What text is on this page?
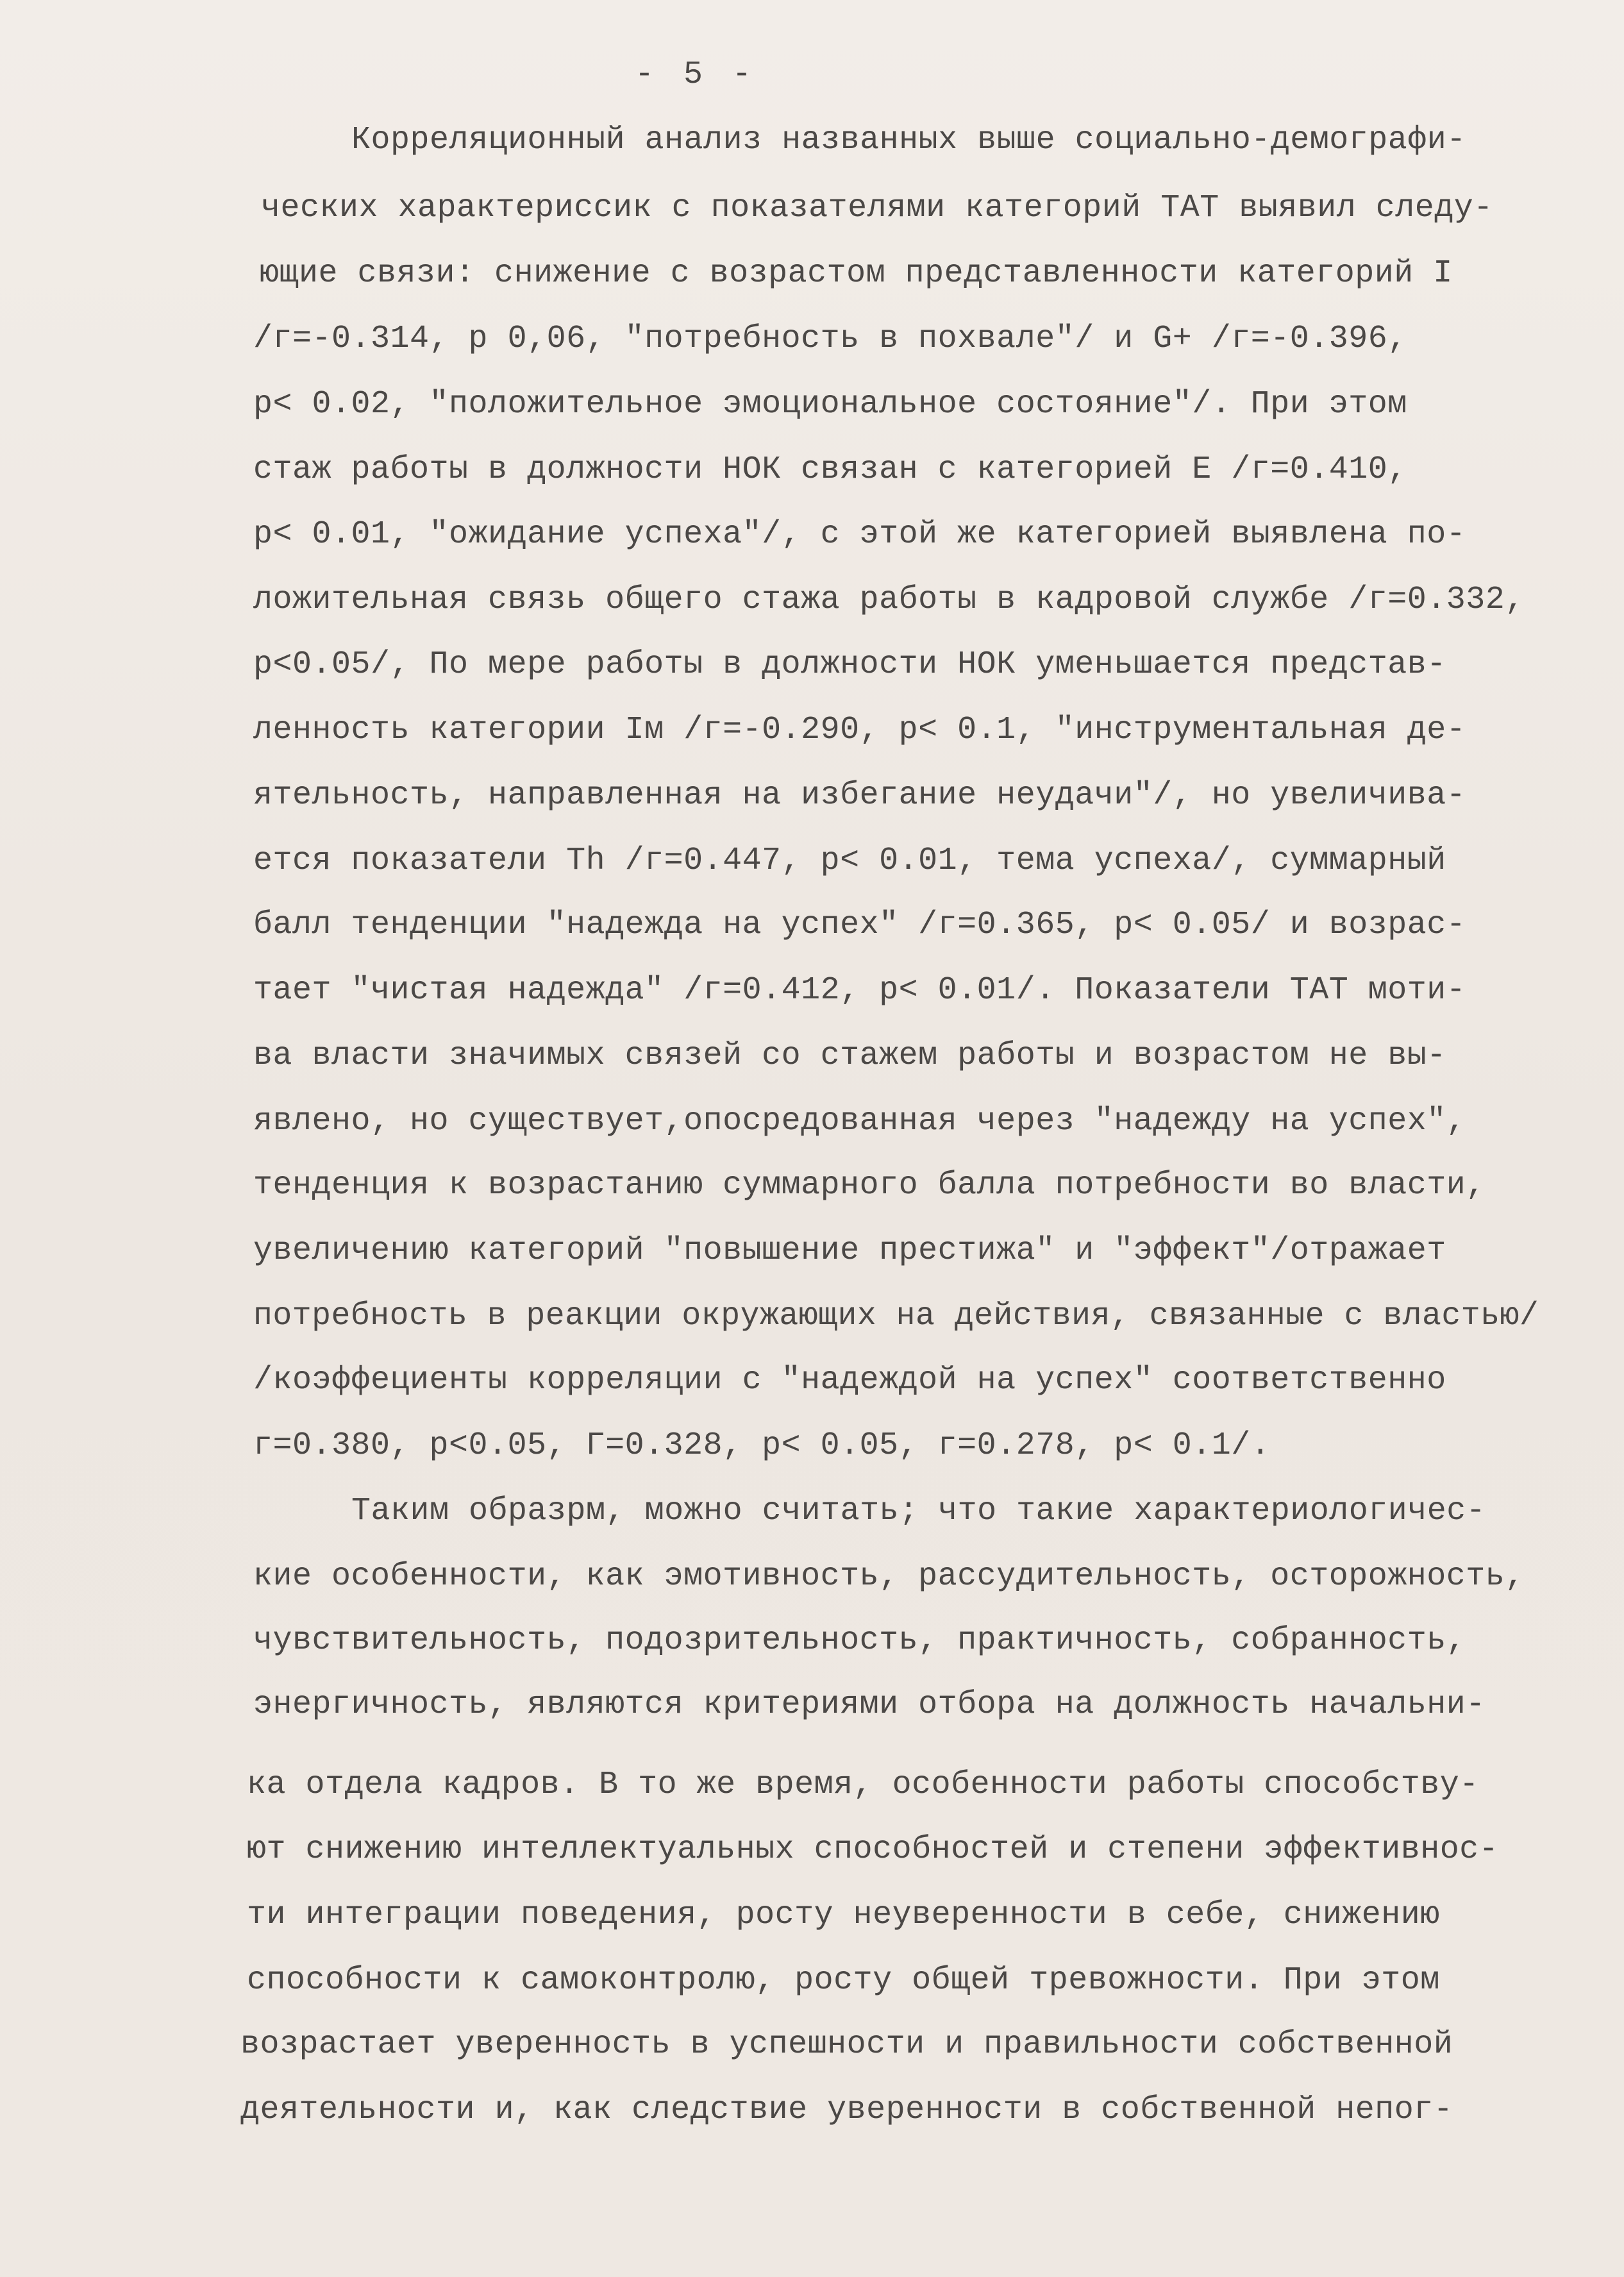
- 5 -
Корреляционный анализ названных выше социально-демографи-
ческих характериссик с показателями категорий ТАТ выявил следу-
ющие связи: снижение с возрастом представленности категорий I
/г=-0.314, р 0,06, "потребность в похвале"/ и G+ /г=-0.396,
р< 0.02, "положительное эмоциональное состояние"/. При этом
стаж работы в должности НОК связан с категорией Е /г=0.410,
р< 0.01, "ожидание успеха"/, с этой же категорией выявлена по-
ложительная связь общего стажа работы в кадровой службе /г=0.332,
р<0.05/, По мере работы в должности НОК уменьшается представ-
ленность категории Iм /г=-0.290, р< 0.1, "инструментальная де-
ятельность, направленная на избегание неудачи"/, но увеличива-
ется показатели Тh /г=0.447, р< 0.01, тема успеха/, суммарный
балл тенденции "надежда на успех" /г=0.365, р< 0.05/ и возрас-
тает "чистая надежда" /г=0.412, р< 0.01/. Показатели ТАТ моти-
ва власти значимых связей со стажем работы и возрастом не вы-
явлено, но существует,опосредованная через "надежду на успех",
тенденция к возрастанию суммарного балла потребности во власти,
увеличению категорий "повышение престижа" и "эффект"/отражает
потребность в реакции окружающих на действия, связанные с властью/
/коэффециенты корреляции с "надеждой на успех" соответственно
г=0.380, р<0.05, Г=0.328, р< 0.05, г=0.278, р< 0.1/.
Таким образрм, можно считать; что такие характериологичес-
кие особенности, как эмотивность, рассудительность, осторожность,
чувствительность, подозрительность, практичность, собранность,
энергичность, являются критериями отбора на должность начальни-
ка отдела кадров. В то же время, особенности работы способству-
ют снижению интеллектуальных способностей и степени эффективнос-
ти интеграции поведения, росту неуверенности в себе, снижению
способности к самоконтролю, росту общей тревожности. При этом
возрастает уверенность в успешности и правильности собственной
деятельности и, как следствие уверенности в собственной непог-
